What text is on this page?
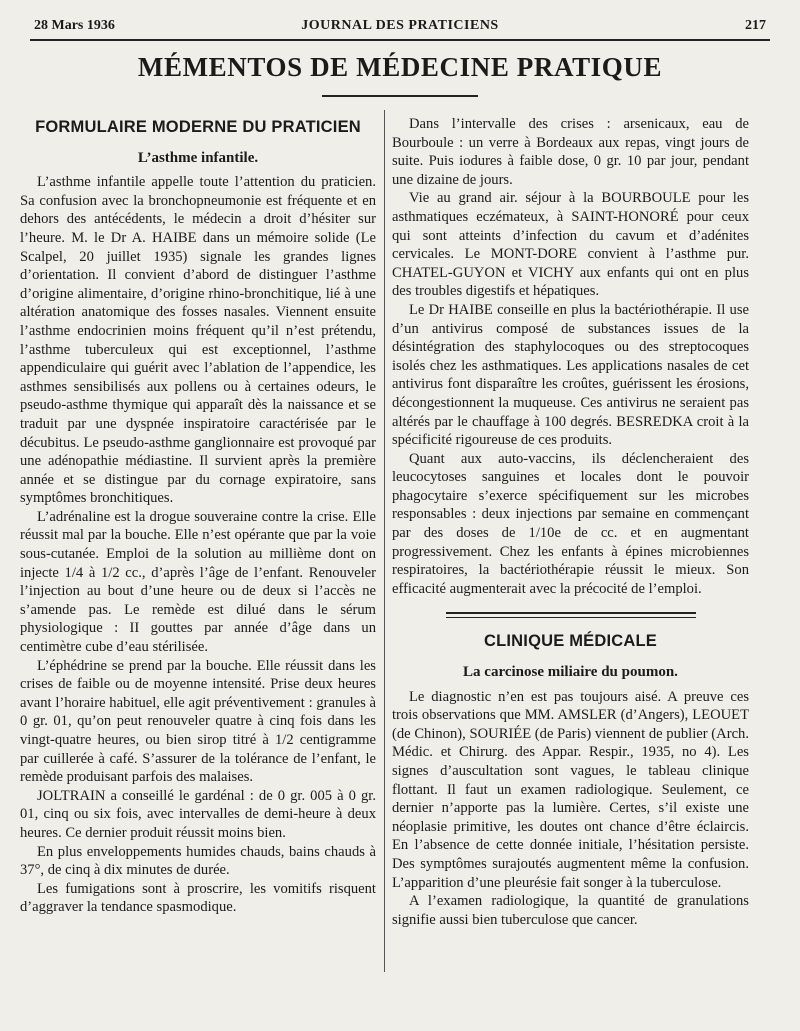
28 Mars 1936	JOURNAL DES PRATICIENS	217
MÉMENTOS DE MÉDECINE PRATIQUE
FORMULAIRE MODERNE DU PRATICIEN
L’asthme infantile.

L’asthme infantile appelle toute l’attention du praticien. Sa confusion avec la bronchopneumonie est fréquente et en dehors des antécédents, le médecin a droit d’hésiter sur l’heure. M. le Dr A. HAIBE dans un mémoire solide (Le Scalpel, 20 juillet 1935) signale les grandes lignes d’orientation. Il convient d’abord de distinguer l’asthme d’origine alimentaire, d’origine rhino-bronchitique, lié à une altération anatomique des fosses nasales. Viennent ensuite l’asthme endocrinien moins fréquent qu’il n’est prétendu, l’asthme tuberculeux qui est exceptionnel, l’asthme appendiculaire qui guérit avec l’ablation de l’appendice, les asthmes sensibilisés aux pollens ou à certaines odeurs, le pseudo-asthme thymique qui apparaît dès la naissance et se traduit par une dyspnée inspiratoire caractérisée par le décubitus. Le pseudo-asthme ganglionnaire est provoqué par une adénopathie médiastine. Il survient après la première année et se distingue par du cornage expiratoire, sans symptômes bronchitiques.

L’adrénaline est la drogue souveraine contre la crise. Elle réussit mal par la bouche. Elle n’est opérante que par la voie sous-cutanée. Emploi de la solution au millième dont on injecte 1/4 à 1/2 cc., d’après l’âge de l’enfant. Renouveler l’injection au bout d’une heure ou de deux si l’accès ne s’amende pas. Le remède est dilué dans le sérum physiologique : II gouttes par année d’âge dans un centimètre cube d’eau stérilisée.

L’éphédrine se prend par la bouche. Elle réussit dans les crises de faible ou de moyenne intensité. Prise deux heures avant l’horaire habituel, elle agit préventivement : granules à 0 gr. 01, qu’on peut renouveler quatre à cinq fois dans les vingt-quatre heures, ou bien sirop titré à 1/2 centigramme par cuillerée à café. S’assurer de la tolérance de l’enfant, le remède produisant parfois des malaises.

JOLTRAIN a conseillé le gardénal : de 0 gr. 005 à 0 gr. 01, cinq ou six fois, avec intervalles de demi-heure à deux heures. Ce dernier produit réussit moins bien.

En plus enveloppements humides chauds, bains chauds à 37°, de cinq à dix minutes de durée.

Les fumigations sont à proscrire, les vomitifs risquent d’aggraver la tendance spasmodique.

Dans l’intervalle des crises : arsenicaux, eau de Bourboule : un verre à Bordeaux aux repas, vingt jours de suite. Puis iodures à faible dose, 0 gr. 10 par jour, pendant une dizaine de jours.

Vie au grand air. séjour à la BOURBOULE pour les asthmatiques eczémateux, à SAINT-HONORÉ pour ceux qui sont atteints d’infection du cavum et d’adénites cervicales. Le MONT-DORE convient à l’asthme pur. CHATEL-GUYON et VICHY aux enfants qui ont en plus des troubles digestifs et hépatiques.

Le Dr HAIBE conseille en plus la bactériothérapie. Il use d’un antivirus composé de substances issues de la désintégration des staphylocoques ou des streptocoques isolés chez les asthmatiques. Les applications nasales de cet antivirus font disparaître les croûtes, guérissent les érosions, décongestionnent la muqueuse. Ces antivirus ne seraient pas altérés par le chauffage à 100 degrés. BESREDKA croit à la spécificité rigoureuse de ces produits.

Quant aux auto-vaccins, ils déclencheraient des leucocytoses sanguines et locales dont le pouvoir phagocytaire s’exerce spécifiquement sur les microbes responsables : deux injections par semaine en commençant par des doses de 1/10e de cc. et en augmentant progressivement. Chez les enfants à épines microbiennes respiratoires, la bactériothérapie réussit le mieux. Son efficacité augmenterait avec la précocité de l’emploi.

CLINIQUE MÉDICALE
La carcinose miliaire du poumon.

Le diagnostic n’en est pas toujours aisé. A preuve ces trois observations que MM. AMSLER (d’Angers), LEOUET (de Chinon), SOURIÉE (de Paris) viennent de publier (Arch. Médic. et Chirurg. des Appar. Respir., 1935, no 4). Les signes d’auscultation sont vagues, le tableau clinique flottant. Il faut un examen radiologique. Seulement, ce dernier n’apporte pas la lumière. Certes, s’il existe une néoplasie primitive, les doutes ont chance d’être éclaircis. En l’absence de cette donnée initiale, l’hésitation persiste. Des symptômes surajoutés augmentent même la confusion. L’apparition d’une pleurésie fait songer à la tuberculose.

A l’examen radiologique, la quantité de granulations signifie aussi bien tuberculose que cancer.
